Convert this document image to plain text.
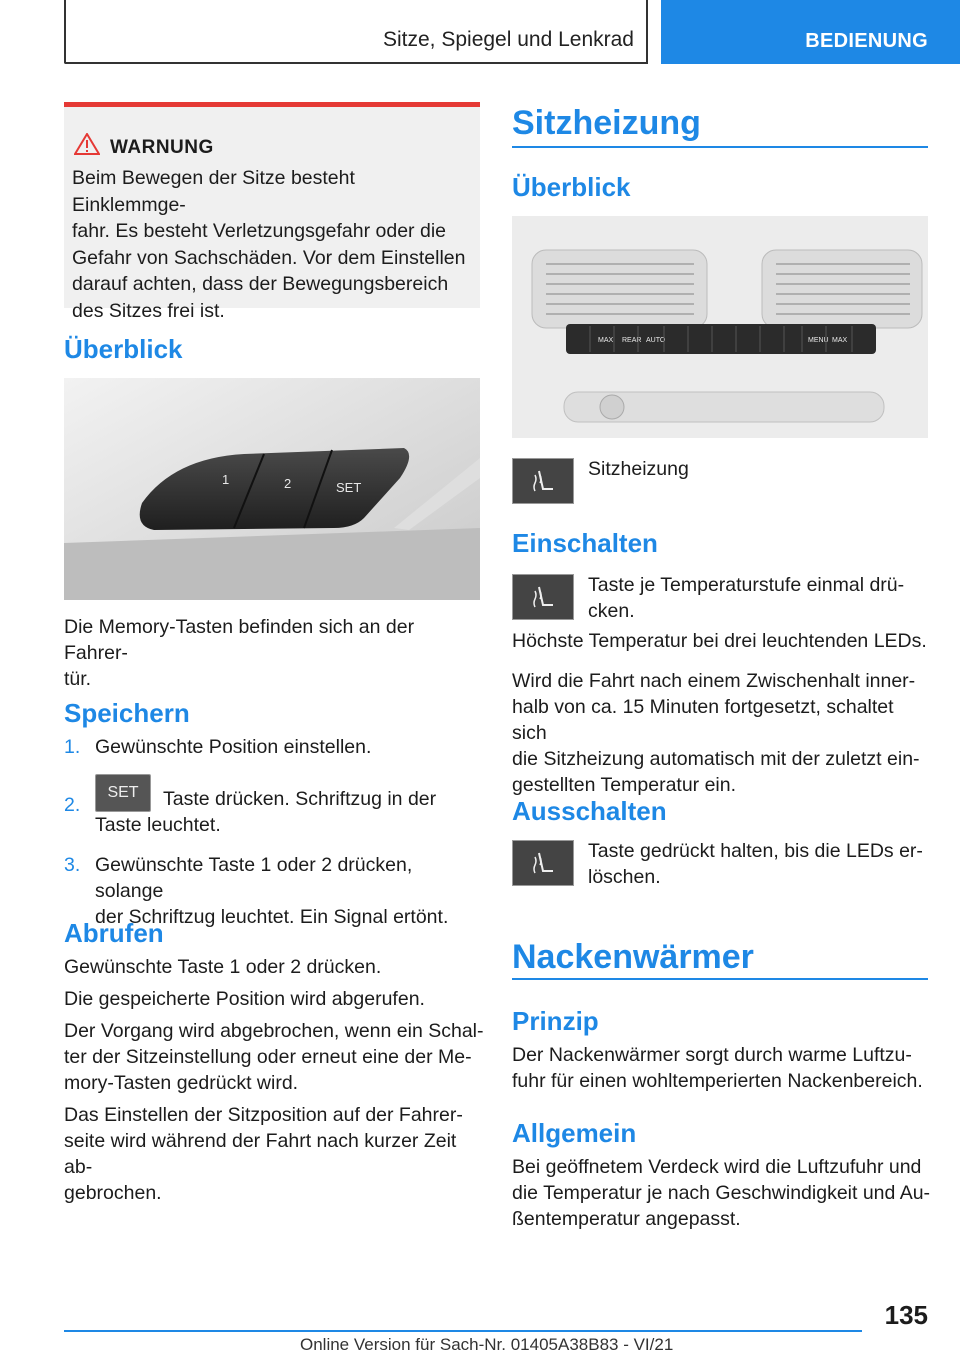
Sitze, Spiegel und Lenkrad	BEDIENUNG
WARNUNG
Beim Bewegen der Sitze besteht Einklemmge-
fahr. Es besteht Verletzungsgefahr oder die
Gefahr von Sachschäden. Vor dem Einstellen
darauf achten, dass der Bewegungsbereich
des Sitzes frei ist.
Überblick
1	2	SET

Die Memory-Tasten befinden sich an der Fahrer-

tür.

Speichern
1. Gewünschte Position einstellen.
2.
SET Taste drücken. Schriftzug in der
Taste leuchtet.
3. Gewünschte Taste 1 oder 2 drücken, solange
der Schriftzug leuchtet. Ein Signal ertönt.
Abrufen

Gewünschte Taste 1 oder 2 drücken.

Die gespeicherte Position wird abgerufen.

Der Vorgang wird abgebrochen, wenn ein Schal-

ter der Sitzeinstellung oder erneut eine der Me-

mory-Tasten gedrückt wird.

Das Einstellen der Sitzposition auf der Fahrer-

seite wird während der Fahrt nach kurzer Zeit ab-

gebrochen.

Sitzheizung
Überblick
MAX REAR AUTO	MENU MAX

Sitzheizung

Einschalten

Taste je Temperaturstufe einmal drü-

cken.

Höchste Temperatur bei drei leuchtenden LEDs.

Wird die Fahrt nach einem Zwischenhalt inner-

halb von ca. 15 Minuten fortgesetzt, schaltet sich

die Sitzheizung automatisch mit der zuletzt ein-

gestellten Temperatur ein.

Ausschalten

Taste gedrückt halten, bis die LEDs er-

löschen.

Nackenwärmer
Prinzip

Der Nackenwärmer sorgt durch warme Luftzu-

fuhr für einen wohltemperierten Nackenbereich.

Allgemein

Bei geöffnetem Verdeck wird die Luftzufuhr und

die Temperatur je nach Geschwindigkeit und Au-

ßentemperatur angepasst.

135
Online Version für Sach-Nr. 01405A38B83 - VI/21
